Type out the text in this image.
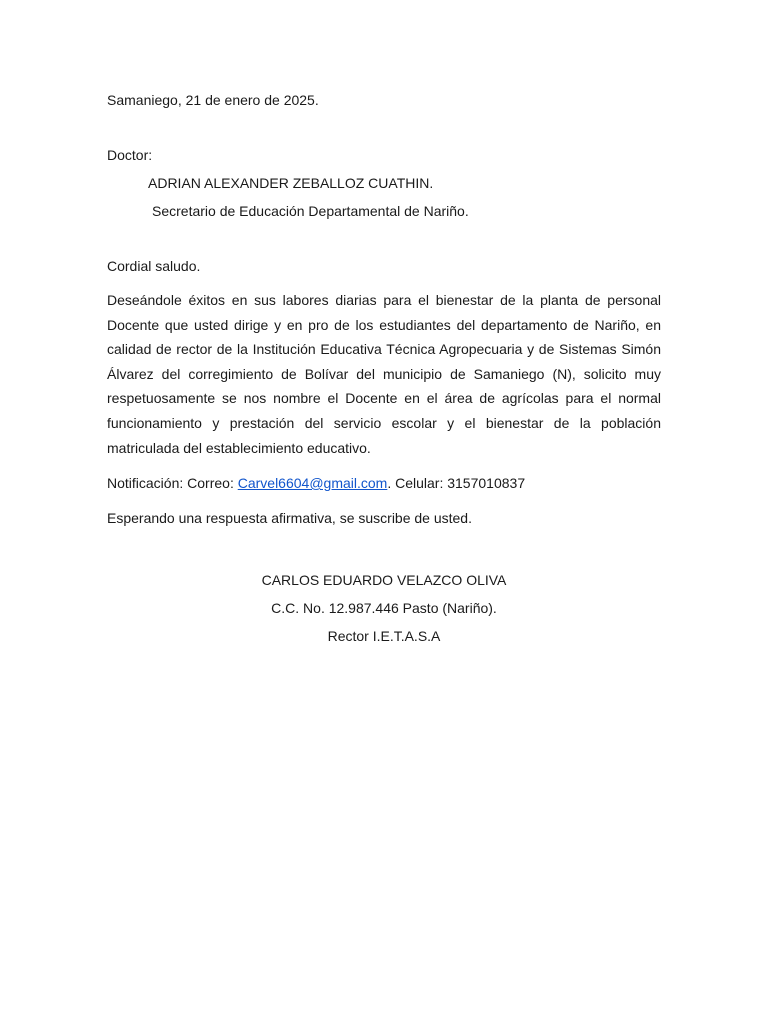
Samaniego, 21 de enero de 2025.
Doctor:
ADRIAN ALEXANDER ZEBALLOZ CUATHIN.
Secretario de Educación Departamental de Nariño.
Cordial saludo.

Deseándole éxitos en sus labores diarias para el bienestar de la planta de personal Docente que usted dirige y en pro de los estudiantes del departamento de Nariño, en calidad de rector de la Institución Educativa Técnica Agropecuaria y de Sistemas Simón Álvarez del corregimiento de Bolívar del municipio de Samaniego (N), solicito muy respetuosamente se nos nombre el Docente en el área de agrícolas para el normal funcionamiento y prestación del servicio escolar y el bienestar de la población matriculada del establecimiento educativo.

Notificación: Correo: Carvel6604@gmail.com. Celular: 3157010837
Esperando una respuesta afirmativa, se suscribe de usted.
CARLOS EDUARDO VELAZCO OLIVA
C.C. No. 12.987.446 Pasto (Nariño).
Rector I.E.T.A.S.A
